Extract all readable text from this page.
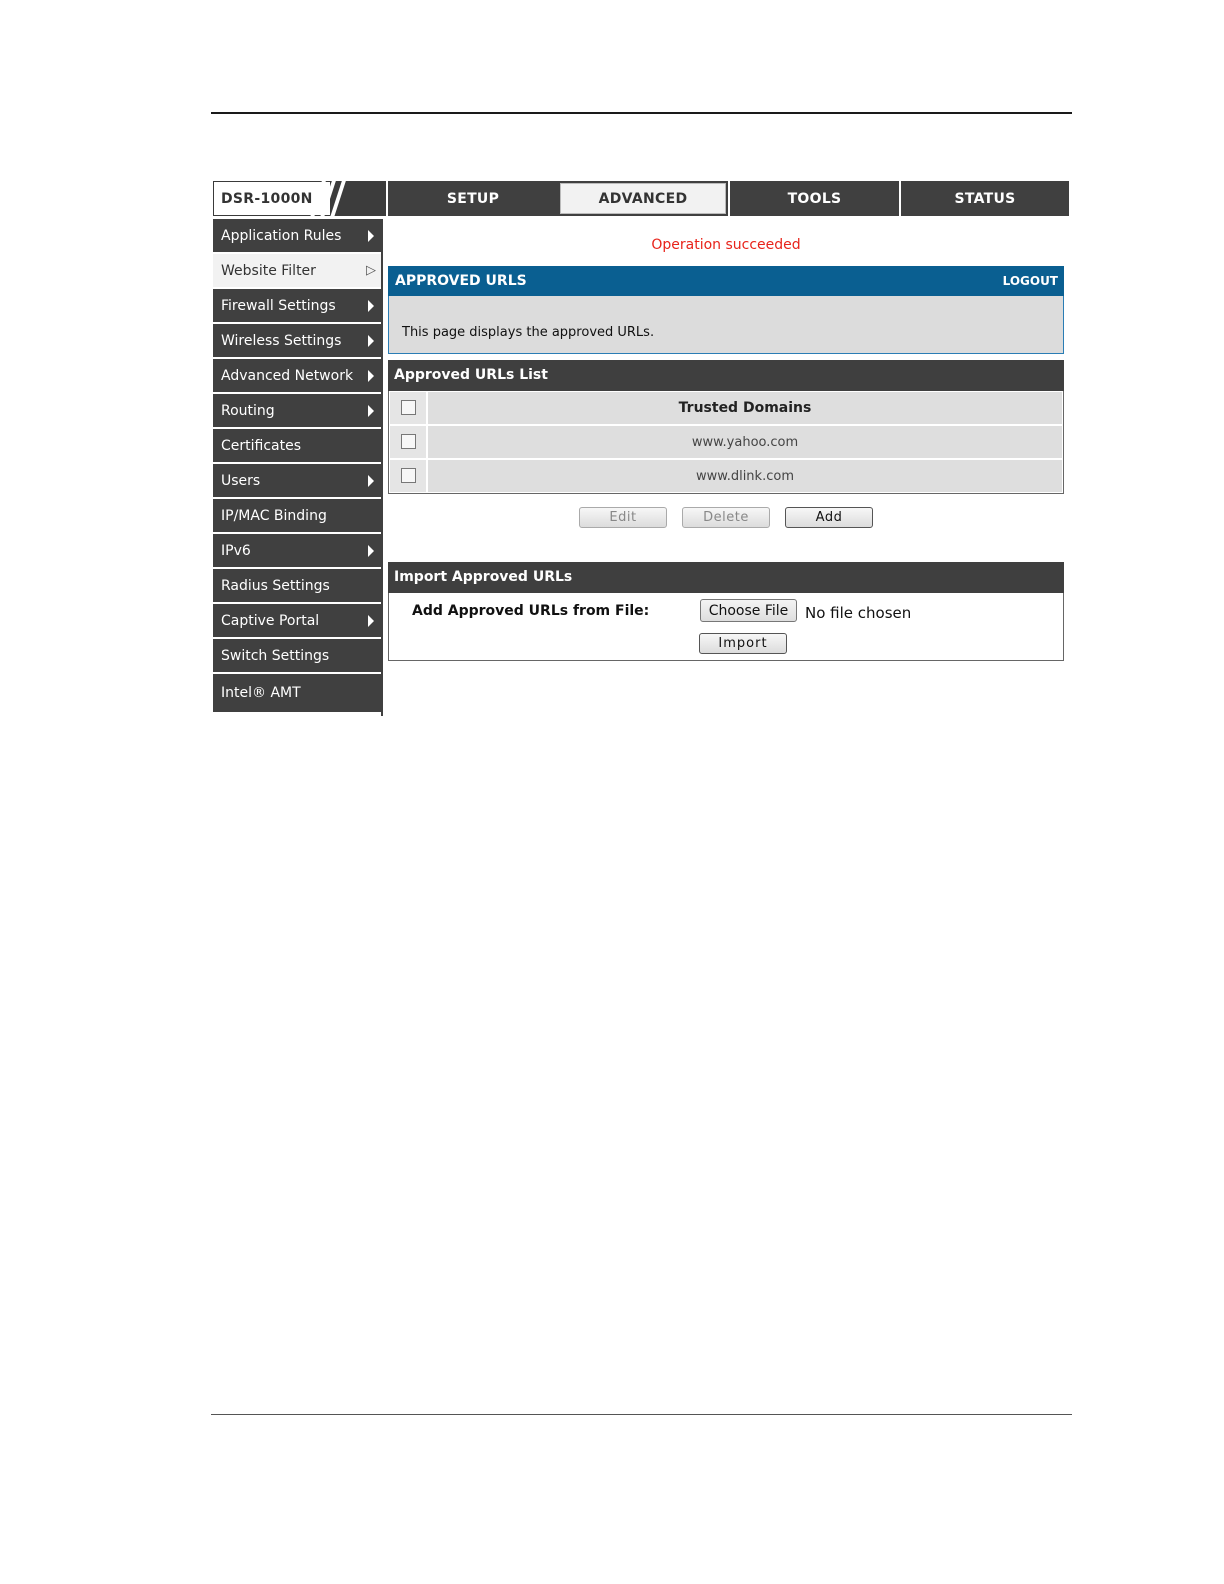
DSR-1000N	SETUP	ADVANCED	TOOLS	STATUS
Application Rules
Website Filter	▷
Firewall Settings
Wireless Settings
Advanced Network
Routing
Certificates
Users
IP/MAC Binding
IPv6
Radius Settings
Captive Portal
Switch Settings
Intel® AMT
Operation succeeded
APPROVED URLS	LOGOUT
This page displays the approved URLs.
Approved URLs List
Trusted Domains
www.yahoo.com
www.dlink.com
Edit	Delete	Add
Import Approved URLs
Add Approved URLs from File:	Choose File	No file chosen
Import
